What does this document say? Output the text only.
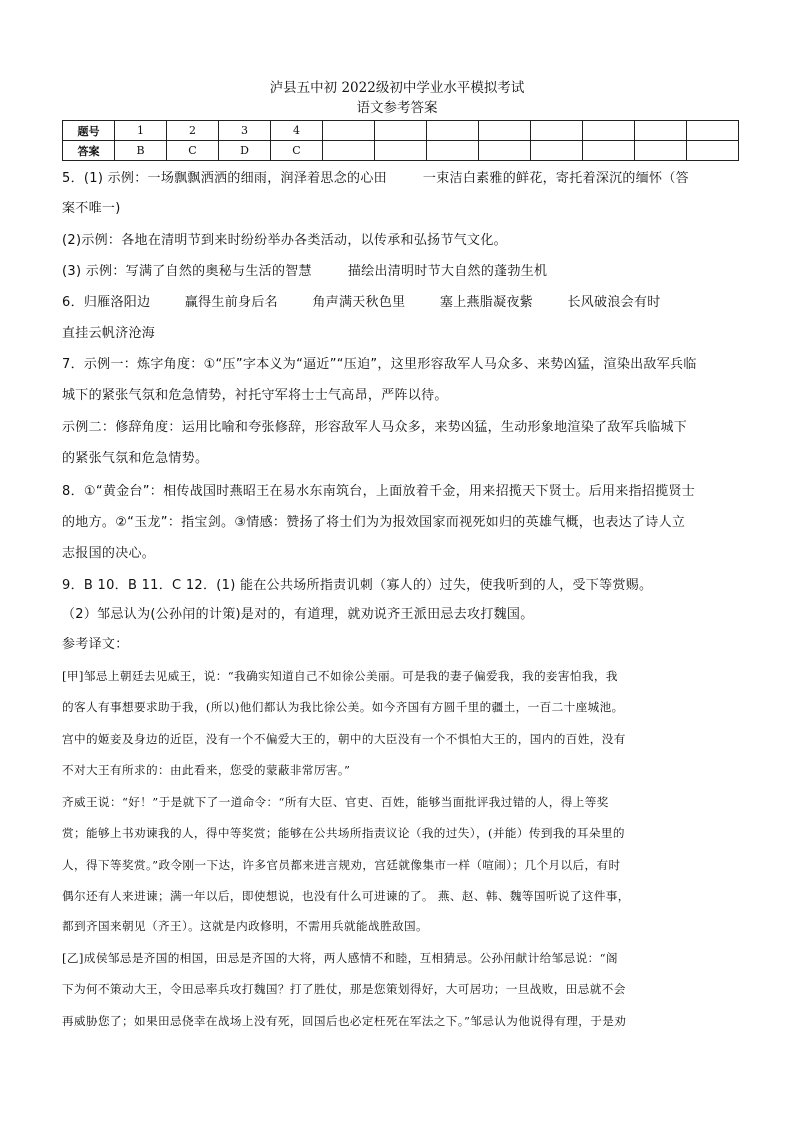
泸县五中初 2022级初中学业水平模拟考试
语文参考答案
题号	1	2	3	4								
答案	B	C	D	C								
5．(1) 示例：一场飘飘洒洒的细雨，润泽着思念的心田	一束洁白素雅的鲜花，寄托着深沉的缅怀（答
案不唯一)
(2)示例：各地在清明节到来时纷纷举办各类活动，以传承和弘扬节气文化。
(3) 示例：写满了自然的奥秘与生活的智慧	描绘出清明时节大自然的蓬勃生机
6．归雁洛阳边	赢得生前身后名	角声满天秋色里	塞上燕脂凝夜紫	长风破浪会有时
直挂云帆济沧海
7．示例一：炼字角度：①“压”字本义为“逼近”“压迫”，这里形容敌军人马众多、来势凶猛，渲染出敌军兵临
城下的紧张气氛和危急情势，衬托守军将士士气高昂，严阵以待。
示例二：修辞角度：运用比喻和夸张修辞，形容敌军人马众多，来势凶猛，生动形象地渲染了敌军兵临城下
的紧张气氛和危急情势。
8．①“黄金台”：相传战国时燕昭王在易水东南筑台，上面放着千金，用来招揽天下贤士。后用来指招揽贤士
的地方。②“玉龙”：指宝剑。③情感：赞扬了将士们为为报效国家而视死如归的英雄气概，也表达了诗人立
志报国的决心。
9．B 10．B 11．C 12．(1) 能在公共场所指责讥刺（寡人的）过失，使我听到的人，受下等赏赐。
（2）邹忌认为(公孙闬的计策)是对的，有道理，就劝说齐王派田忌去攻打魏国。
参考译文：
[甲]邹忌上朝廷去见威王，说：“我确实知道自己不如徐公美丽。可是我的妻子偏爱我，我的妾害怕我，我
的客人有事想要求助于我，(所以)他们都认为我比徐公美。如今齐国有方圆千里的疆土，一百二十座城池。
宫中的姬妾及身边的近臣，没有一个不偏爱大王的，朝中的大臣没有一个不惧怕大王的，国内的百姓，没有
不对大王有所求的：由此看来，您受的蒙蔽非常厉害。”
齐威王说：“好！”于是就下了一道命令：“所有大臣、官吏、百姓，能够当面批评我过错的人，得上等奖
赏；能够上书劝谏我的人，得中等奖赏；能够在公共场所指责议论（我的过失），(并能）传到我的耳朵里的
人，得下等奖赏。”政令刚一下达，许多官员都来进言规劝，宫廷就像集市一样（喧闹）；几个月以后，有时
偶尔还有人来进谏；满一年以后，即使想说，也没有什么可进谏的了。 燕、赵、韩、魏等国听说了这件事，
都到齐国来朝见（齐王）。这就是内政修明，不需用兵就能战胜敌国。
[乙]成侯邹忌是齐国的相国，田忌是齐国的大将，两人感情不和睦，互相猜忌。公孙闬献计给邹忌说：“阁
下为何不策动大王，令田忌率兵攻打魏国？打了胜仗，那是您策划得好，大可居功；一旦战败，田忌就不会
再威胁您了；如果田忌侥幸在战场上没有死，回国后也必定枉死在军法之下。”邹忌认为他说得有理，于是劝
